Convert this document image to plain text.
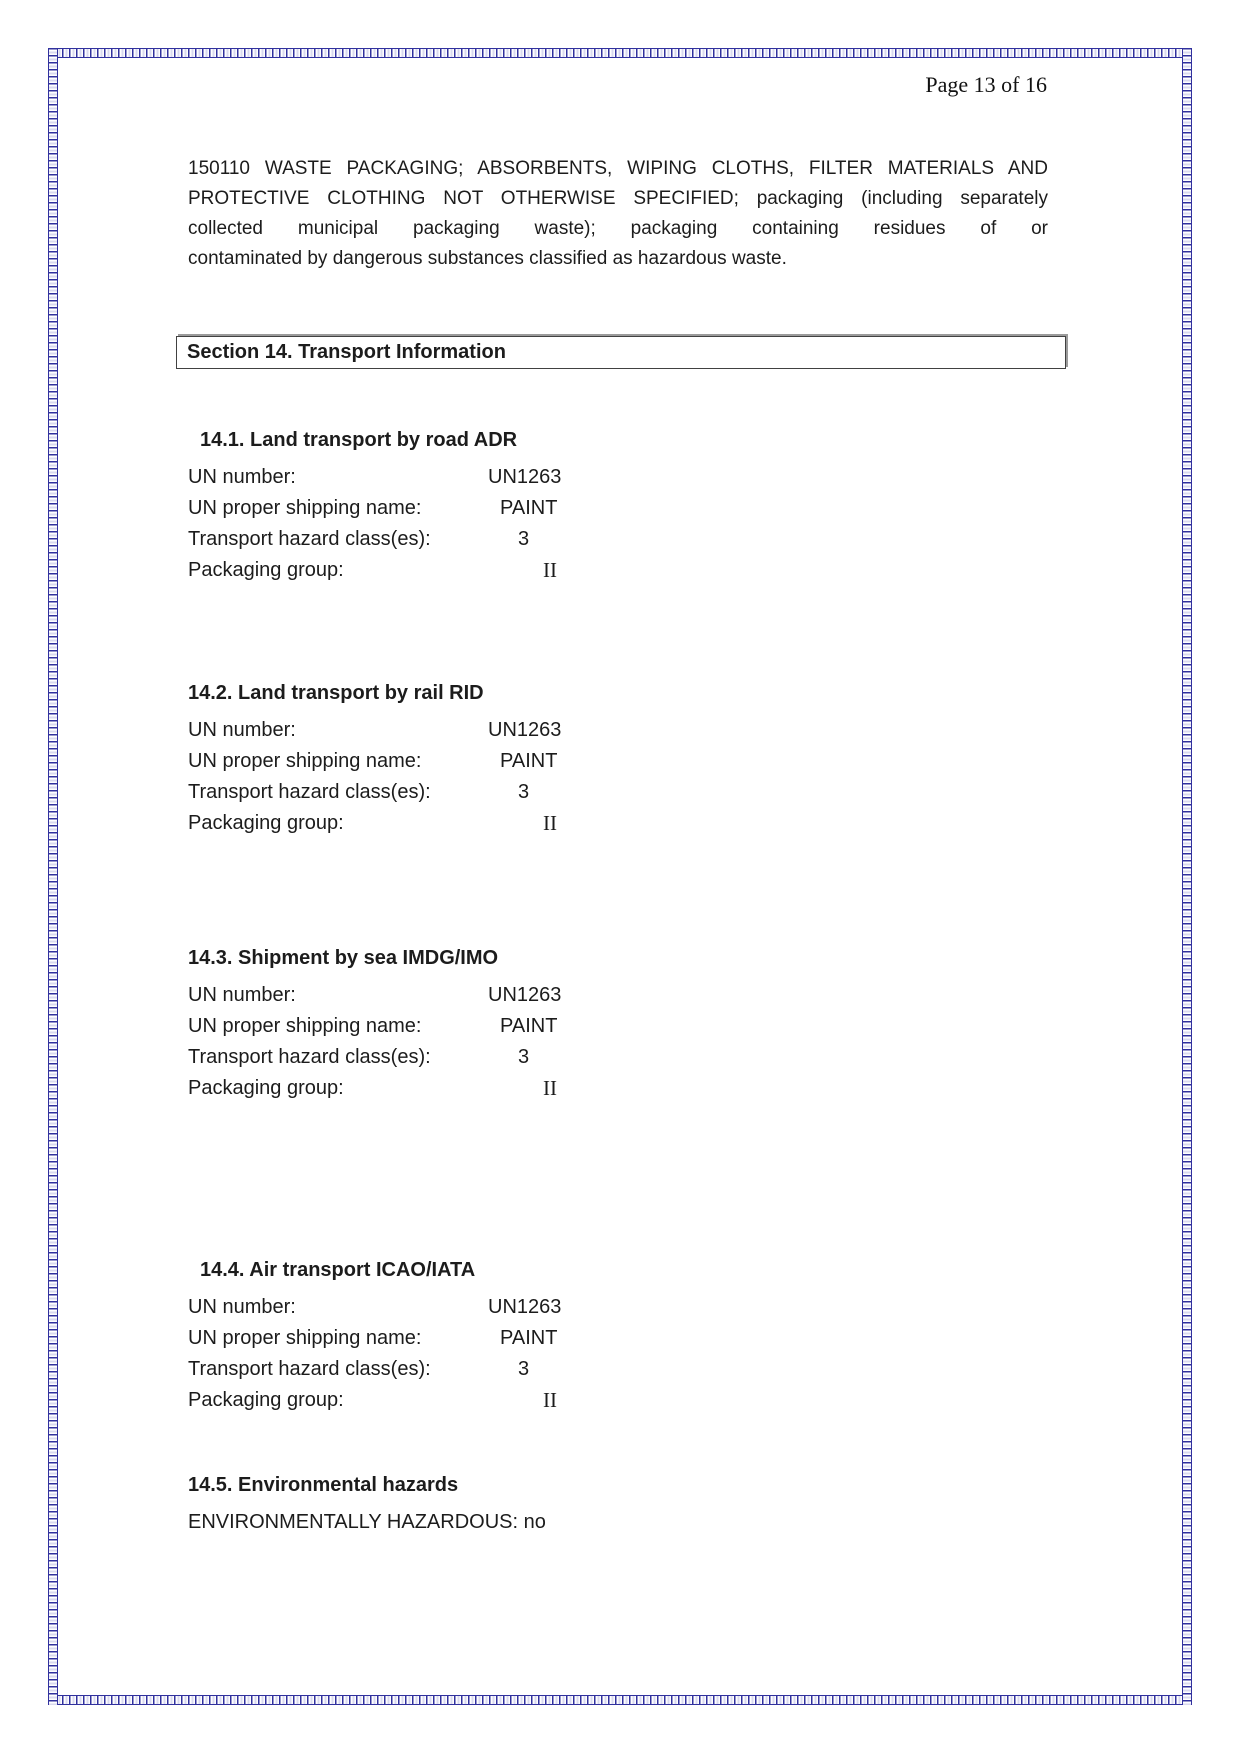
Page 13 of 16
150110 WASTE PACKAGING; ABSORBENTS, WIPING CLOTHS, FILTER MATERIALS AND
PROTECTIVE CLOTHING NOT OTHERWISE SPECIFIED; packaging (including separately
collected municipal packaging waste); packaging containing residues of or
contaminated by dangerous substances classified as hazardous waste.
Section 14. Transport Information
14.1. Land transport by road ADR
UN number:	UN1263
UN proper shipping name:	PAINT
Transport hazard class(es):	3
Packaging group:	II
14.2. Land transport by rail RID
UN number:	UN1263
UN proper shipping name:	PAINT
Transport hazard class(es):	3
Packaging group:	II
14.3. Shipment by sea IMDG/IMO
UN number:	UN1263
UN proper shipping name:	PAINT
Transport hazard class(es):	3
Packaging group:	II
14.4. Air transport ICAO/IATA
UN number:	UN1263
UN proper shipping name:	PAINT
Transport hazard class(es):	3
Packaging group:	II
14.5. Environmental hazards
ENVIRONMENTALLY HAZARDOUS: no
